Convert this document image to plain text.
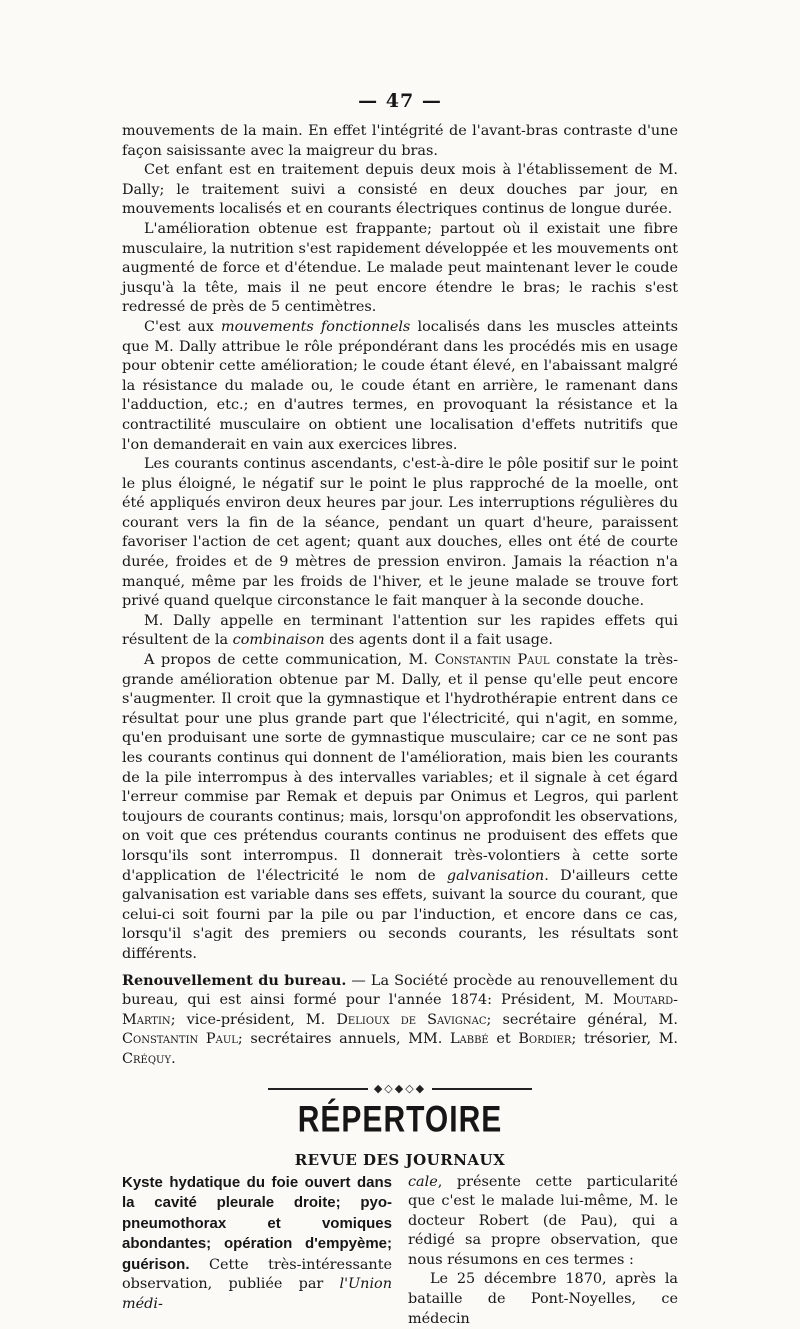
— 47 —

mouvements de la main. En effet l'intégrité de l'avant-bras contraste d'une façon saisissante avec la maigreur du bras.

Cet enfant est en traitement depuis deux mois à l'établissement de M. Dally; le traitement suivi a consisté en deux douches par jour, en mouvements localisés et en courants électriques continus de longue durée.

L'amélioration obtenue est frappante; partout où il existait une fibre musculaire, la nutrition s'est rapidement développée et les mouvements ont augmenté de force et d'étendue. Le malade peut maintenant lever le coude jusqu'à la tête, mais il ne peut encore étendre le bras; le rachis s'est redressé de près de 5 centimètres.

C'est aux mouvements fonctionnels localisés dans les muscles atteints que M. Dally attribue le rôle prépondérant dans les procédés mis en usage pour obtenir cette amélioration; le coude étant élevé, en l'abaissant malgré la résistance du malade ou, le coude étant en arrière, le ramenant dans l'adduction, etc.; en d'autres termes, en provoquant la résistance et la contractilité musculaire on obtient une localisation d'effets nutritifs que l'on demanderait en vain aux exercices libres.

Les courants continus ascendants, c'est-à-dire le pôle positif sur le point le plus éloigné, le négatif sur le point le plus rapproché de la moelle, ont été appliqués environ deux heures par jour. Les interruptions régulières du courant vers la fin de la séance, pendant un quart d'heure, paraissent favoriser l'action de cet agent; quant aux douches, elles ont été de courte durée, froides et de 9 mètres de pression environ. Jamais la réaction n'a manqué, même par les froids de l'hiver, et le jeune malade se trouve fort privé quand quelque circonstance le fait manquer à la seconde douche.

M. Dally appelle en terminant l'attention sur les rapides effets qui résultent de la combinaison des agents dont il a fait usage.

A propos de cette communication, M. Constantin Paul constate la très-grande amélioration obtenue par M. Dally, et il pense qu'elle peut encore s'augmenter. Il croit que la gymnastique et l'hydrothérapie entrent dans ce résultat pour une plus grande part que l'électricité, qui n'agit, en somme, qu'en produisant une sorte de gymnastique musculaire; car ce ne sont pas les courants continus qui donnent de l'amélioration, mais bien les courants de la pile interrompus à des intervalles variables; et il signale à cet égard l'erreur commise par Remak et depuis par Onimus et Legros, qui parlent toujours de courants continus; mais, lorsqu'on approfondit les observations, on voit que ces prétendus courants continus ne produisent des effets que lorsqu'ils sont interrompus. Il donnerait très-volontiers à cette sorte d'application de l'électricité le nom de galvanisation. D'ailleurs cette galvanisation est variable dans ses effets, suivant la source du courant, que celui-ci soit fourni par la pile ou par l'induction, et encore dans ce cas, lorsqu'il s'agit des premiers ou seconds courants, les résultats sont différents.

Renouvellement du bureau. — La Société procède au renouvellement du bureau, qui est ainsi formé pour l'année 1874: Président, M. Moutard-Martin; vice-président, M. Delioux de Savignac; secrétaire général, M. Constantin Paul; secrétaires annuels, MM. Labbé et Bordier; trésorier, M. Créquy.

◆◇◆◇◆
RÉPERTOIRE
REVUE DES JOURNAUX

Kyste hydatique du foie ouvert dans la cavité pleurale droite; pyo-pneumothorax et vomiques abondantes; opération d'empyème; guérison. Cette très-intéressante observation, publiée par l'Union médi-

cale, présente cette particularité que c'est le malade lui-même, M. le docteur Robert (de Pau), qui a rédigé sa propre observation, que nous résumons en ces termes :

Le 25 décembre 1870, après la bataille de Pont-Noyelles, ce médecin
